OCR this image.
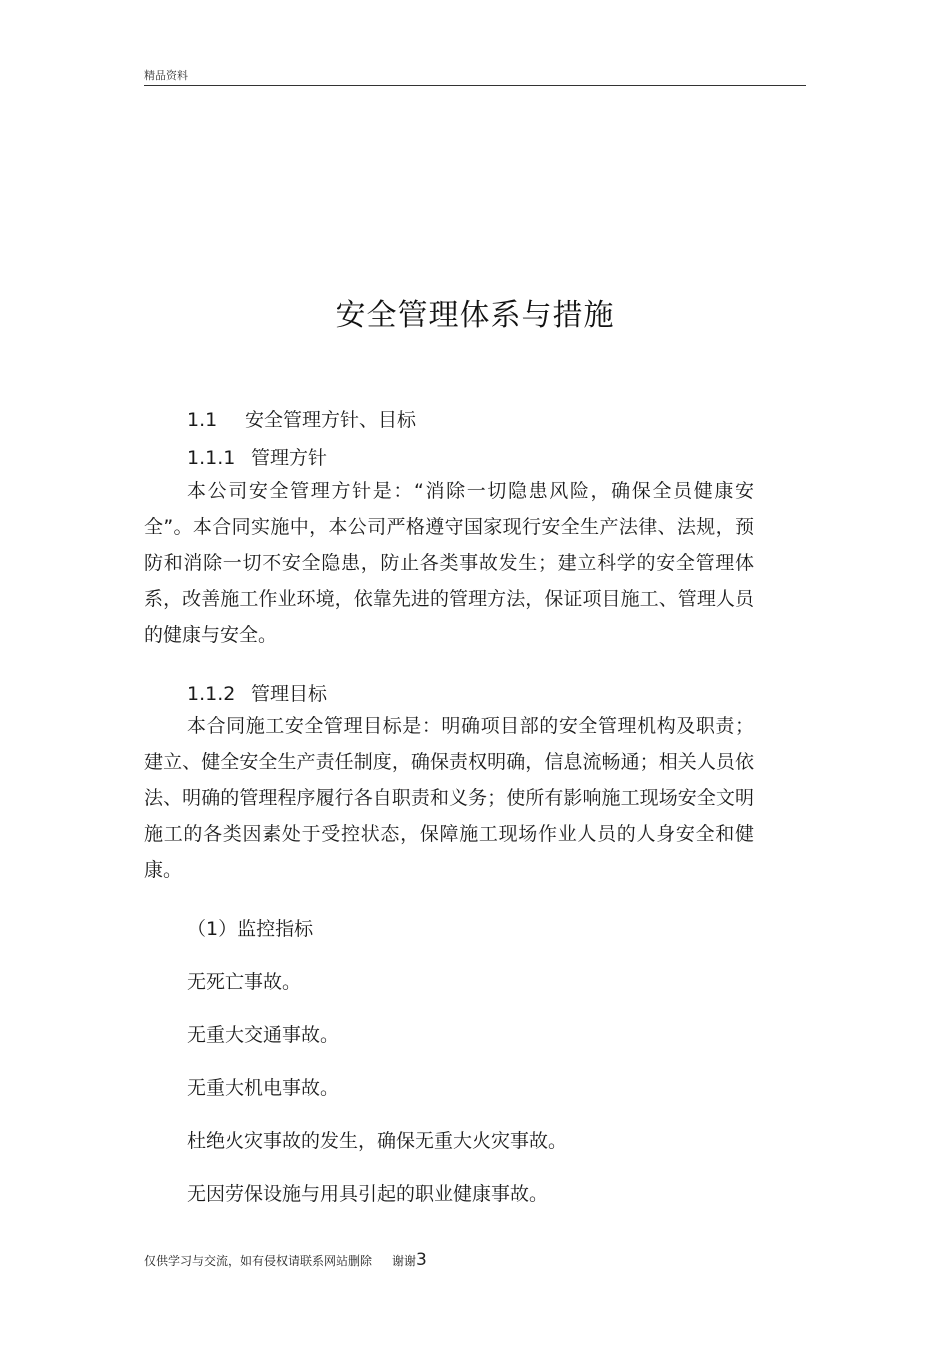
精品资料
安全管理体系与措施
1.1 安全管理方针、目标
1.1.1 管理方针
本公司安全管理方针是：“消除一切隐患风险，确保全员健康安全”。本合同实施中，本公司严格遵守国家现行安全生产法律、法规，预防和消除一切不安全隐患，防止各类事故发生；建立科学的安全管理体系，改善施工作业环境，依靠先进的管理方法，保证项目施工、管理人员的健康与安全。
1.1.2 管理目标
本合同施工安全管理目标是：明确项目部的安全管理机构及职责；建立、健全安全生产责任制度，确保责权明确，信息流畅通；相关人员依法、明确的管理程序履行各自职责和义务；使所有影响施工现场安全文明施工的各类因素处于受控状态，保障施工现场作业人员的人身安全和健康。
（1）监控指标
无死亡事故。
无重大交通事故。
无重大机电事故。
杜绝火灾事故的发生，确保无重大火灾事故。
无因劳保设施与用具引起的职业健康事故。
仅供学习与交流，如有侵权请联系网站删除 谢谢3
